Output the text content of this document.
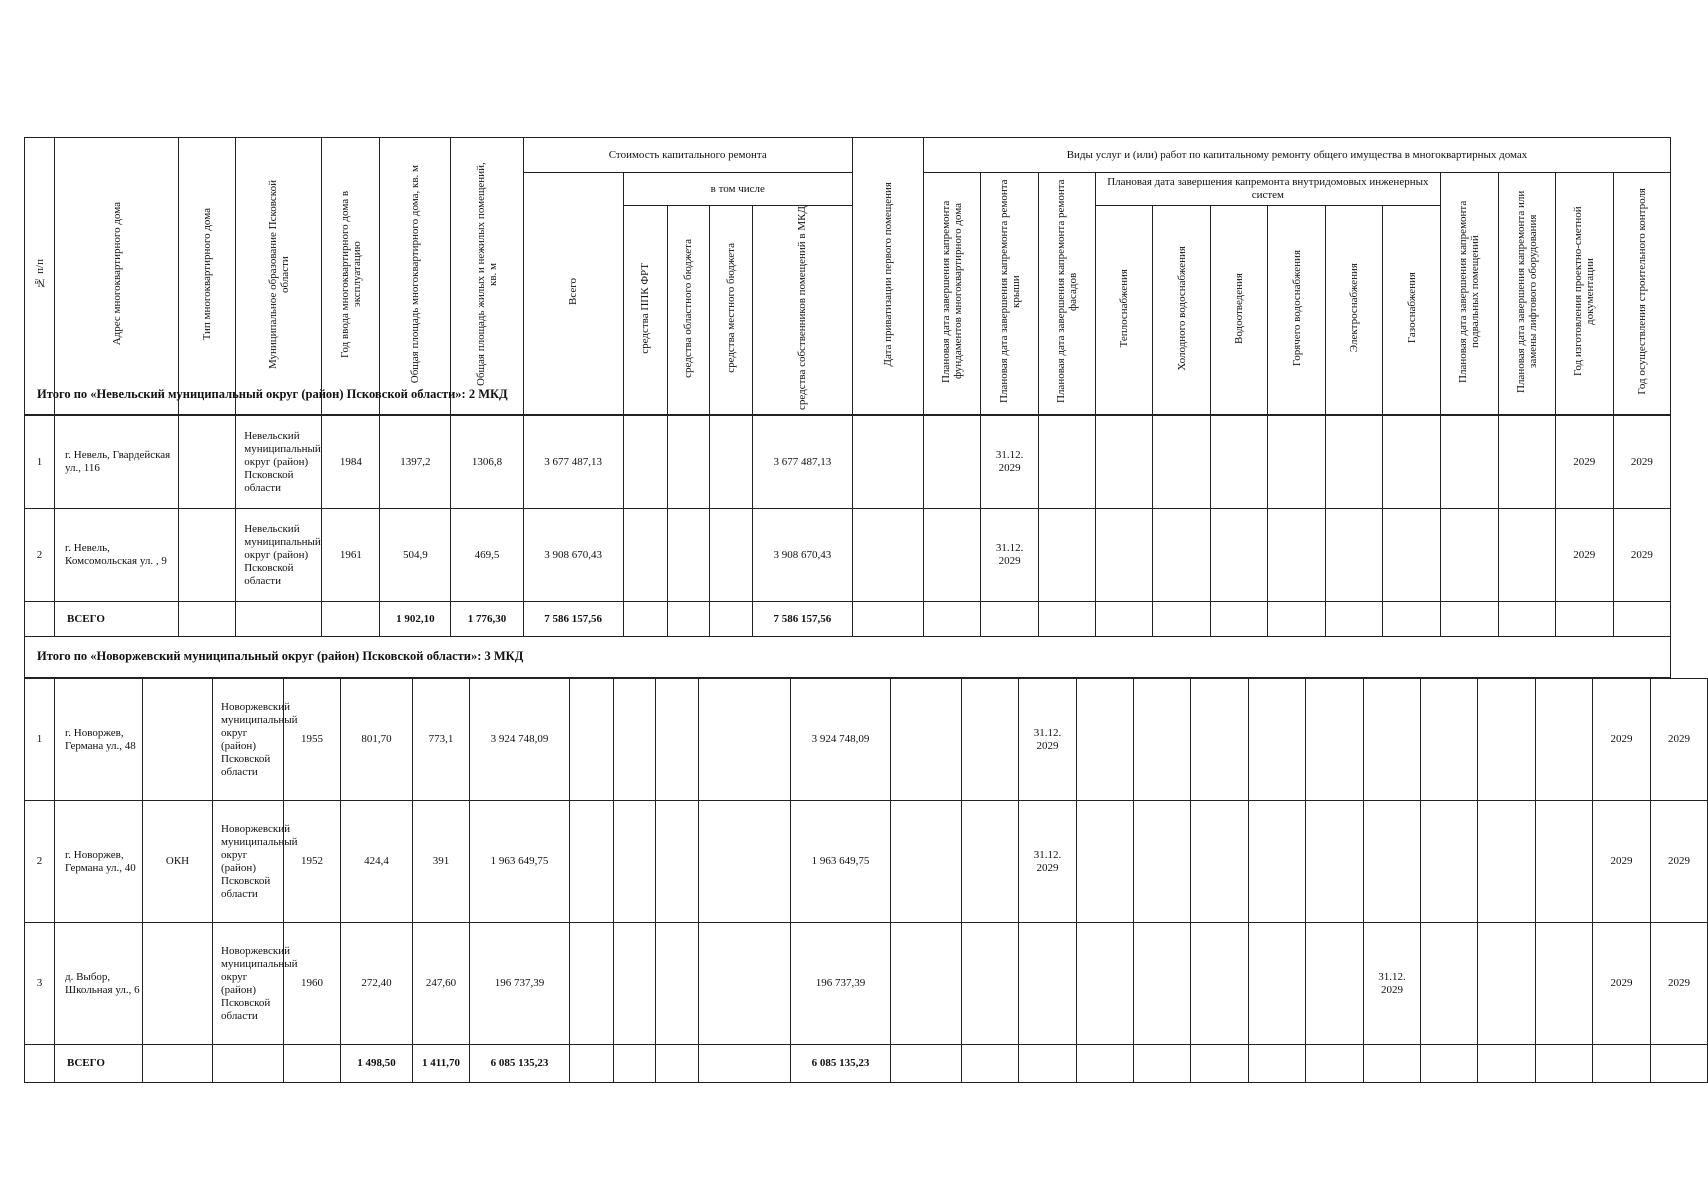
№ п/п	Адрес многоквартирного дома	Тип многоквартирного дома	Муниципальное образование Псковской области	Год ввода многоквартирного дома в эксплуатацию	Общая площадь многоквартирного дома, кв. м	Общая площадь жилых и нежилых помещений, кв. м	Стоимость капитального ремонта					Дата приватизации первого помещения	Виды услуг и (или) работ по капитальному ремонту общего имущества в многоквартирных домах												
							Всего	в том числе					Плановая дата завершения капремонта фундаментов многоквартирного дома	Плановая дата завершения капремонта ремонта крыши	Плановая дата завершения капремонта ремонта фасадов	Плановая дата завершения капремонта внутридомовых инженерных систем						Плановая дата завершения капремонта подвальных помещений	Плановая дата завершения капремонта или замены лифтового оборудования	Год изготовления проектно-сметной документации	Год осуществления строительного контроля
								средства ППК ФРТ	средства областного бюджета	средства местного бюджета	средства собственников помещений в МКД					Теплоснабжения	Холодного водоснабжения	Водоотведения	Горячего водоснабжения	Электроснабжения	Газоснабжения				
Итого по «Невельский муниципальный округ (район) Псковской области»: 2 МКД
1	г. Невель, Гвардейская ул., 116		Невельский муниципальный округ (район) Псковской области	1984	1397,2	1306,8	3 677 487,13				3 677 487,13			31.12. 2029										2029	2029
2	г. Невель, Комсомольская ул. , 9		Невельский муниципальный округ (район) Псковской области	1961	504,9	469,5	3 908 670,43				3 908 670,43			31.12. 2029										2029	2029
	ВСЕГО				1 902,10	1 776,30	7 586 157,56				7 586 157,56														
Итого по «Новоржевский муниципальный округ (район) Псковской области»: 3 МКД
1	г. Новоржев, Германа ул., 48		Новоржевский муниципальный округ (район) Псковской области	1955	801,70	773,1	3 924 748,09					3 924 748,09			31.12. 2029										2029	2029
2	г. Новоржев, Германа ул., 40	ОКН	Новоржевский муниципальный округ (район) Псковской области	1952	424,4	391	1 963 649,75					1 963 649,75			31.12. 2029										2029	2029
3	д. Выбор, Школьная ул., 6		Новоржевский муниципальный округ (район) Псковской области	1960	272,40	247,60	196 737,39					196 737,39									31.12. 2029				2029	2029
	ВСЕГО				1 498,50	1 411,70	6 085 135,23					6 085 135,23														
